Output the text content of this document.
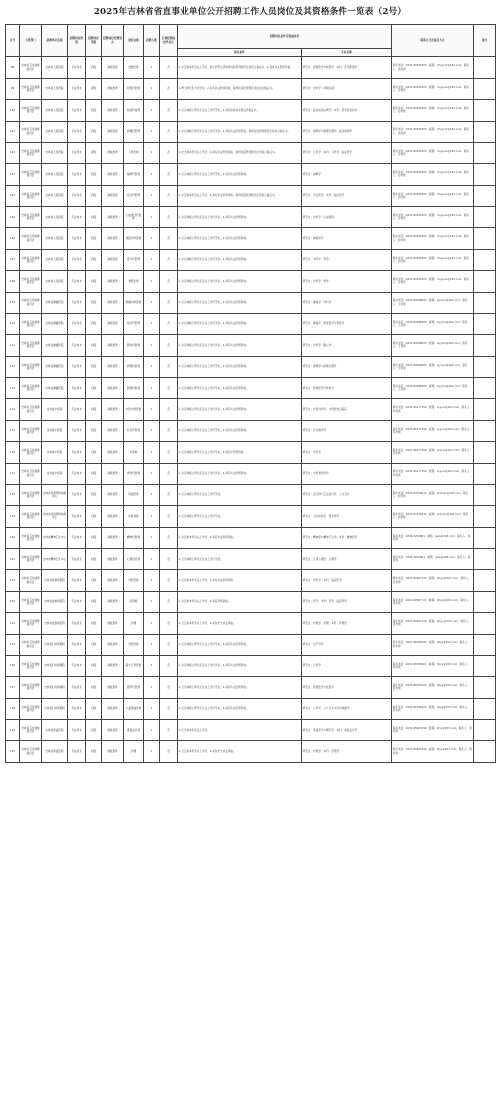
2025年吉林省省直事业单位公开招聘工作人员岗位及其资格条件一览表（2号）
序号	主管部门	招聘单位名称	招聘岗位类别	招聘岗位等级	招聘岗位经费形式	岗位名称	招聘人数	专项招聘高校毕业生	招聘岗位条件及资格条件		联系方式及报名方式	备注
									报名条件	专业名称		
98	吉林省卫生健康委员会	吉林省人民医院	专业技术	初级	财政拨款	放射医师	1	否	1.全日制本科及以上学历，硕士研究生需取得住院医师规范化培训合格证书；2.具有执业医师资格。	研究生：影像医学与核医学；本科：医学影像学	联系电话：0431-85595363；邮箱：rmyyrsc@163.com；联系人：孙老师	
99	吉林省卫生健康委员会	吉林省人民医院	专业技术	初级	财政拨款	呼吸科医师	1	否	1.博士研究生学历学位；2.具有执业医师资格，取得住院医师规范化培训合格证书。	研究生：内科学（呼吸系病）	联系电话：0431-85595363；邮箱：rmyyrsc@163.com；联系人：孙老师	
100	吉林省卫生健康委员会	吉林省人民医院	专业技术	初级	财政拨款	检验科技师	1	否	1.全日制硕士研究生及以上学历学位；2.具有检验技术相关资格证书。	研究生：临床检验诊断学；本科：医学检验技术	联系电话：0431-85595363；邮箱：rmyyrsc@163.com；联系人：孙老师	
101	吉林省卫生健康委员会	吉林省人民医院	专业技术	初级	财政拨款	病理科医师	1	否	1.全日制硕士研究生及以上学历学位；2.具有执业医师资格，取得住院医师规范化培训合格证书。	研究生：病理学与病理生理学、临床病理学	联系电话：0431-85595363；邮箱：rmyyrsc@163.com；联系人：孙老师	
102	吉林省卫生健康委员会	吉林省人民医院	专业技术	初级	财政拨款	儿科医师	1	否	1.全日制本科及以上学历；2.具有执业医师资格，取得住院医师规范化培训合格证书。	研究生：儿科学；本科：儿科学、临床医学	联系电话：0431-85595363；邮箱：rmyyrsc@163.com；联系人：孙老师	
103	吉林省卫生健康委员会	吉林省人民医院	专业技术	初级	财政拨款	麻醉科医师	1	否	1.全日制硕士研究生及以上学历学位；2.具有执业医师资格。	研究生：麻醉学	联系电话：0431-85595363；邮箱：rmyyrsc@163.com；联系人：孙老师	
104	吉林省卫生健康委员会	吉林省人民医院	专业技术	初级	财政拨款	急诊科医师	1	否	1.全日制本科及以上学历；2.具有执业医师资格，取得住院医师规范化培训合格证书。	研究生：急诊医学；本科：临床医学	联系电话：0431-85595363；邮箱：rmyyrsc@163.com；联系人：孙老师	
105	吉林省卫生健康委员会	吉林省人民医院	专业技术	初级	财政拨款	心血管内科医师	1	否	1.全日制硕士研究生及以上学历学位；2.具有执业医师资格。	研究生：内科学（心血管病）	联系电话：0431-85595363；邮箱：rmyyrsc@163.com；联系人：孙老师	
106	吉林省卫生健康委员会	吉林省人民医院	专业技术	初级	财政拨款	神经内科医师	1	否	1.全日制硕士研究生及以上学历学位；2.具有执业医师资格。	研究生：神经病学	联系电话：0431-85595363；邮箱：rmyyrsc@163.com；联系人：孙老师	
107	吉林省卫生健康委员会	吉林省人民医院	专业技术	初级	财政拨款	普外科医师	1	否	1.全日制硕士研究生及以上学历学位；2.具有执业医师资格。	研究生：外科学（普外）	联系电话：0431-85595363；邮箱：rmyyrsc@163.com；联系人：孙老师	
108	吉林省卫生健康委员会	吉林省人民医院	专业技术	初级	财政拨款	骨科医师	1	否	1.全日制硕士研究生及以上学历学位；2.具有执业医师资格。	研究生：外科学（骨外）	联系电话：0431-85595363；邮箱：rmyyrsc@163.com；联系人：孙老师	
109	吉林省卫生健康委员会	吉林省肿瘤医院	专业技术	初级	财政拨款	肿瘤内科医师	1	否	1.全日制硕士研究生及以上学历学位；2.具有执业医师资格。	研究生：肿瘤学、内科学	联系电话：0431-80596083；邮箱：zlyyrsc@163.com；联系人：王老师	
110	吉林省卫生健康委员会	吉林省肿瘤医院	专业技术	初级	财政拨款	放疗科医师	1	否	1.全日制硕士研究生及以上学历学位；2.具有执业医师资格。	研究生：肿瘤学、影像医学与核医学	联系电话：0431-80596083；邮箱：zlyyrsc@163.com；联系人：王老师	
111	吉林省卫生健康委员会	吉林省肿瘤医院	专业技术	初级	财政拨款	胸外科医师	1	否	1.全日制硕士研究生及以上学历学位；2.具有执业医师资格。	研究生：外科学（胸心外）	联系电话：0431-80596083；邮箱：zlyyrsc@163.com；联系人：王老师	
112	吉林省卫生健康委员会	吉林省肿瘤医院	专业技术	初级	财政拨款	病理科医师	1	否	1.全日制硕士研究生及以上学历学位；2.具有执业医师资格。	研究生：病理学与病理生理学	联系电话：0431-80596083；邮箱：zlyyrsc@163.com；联系人：王老师	
113	吉林省卫生健康委员会	吉林省肿瘤医院	专业技术	初级	财政拨款	影像科医师	1	否	1.全日制硕士研究生及以上学历学位；2.具有执业医师资格。	研究生：影像医学与核医学	联系电话：0431-80596083；邮箱：zlyyrsc@163.com；联系人：王老师	
114	吉林省卫生健康委员会	吉林省中医院	专业技术	初级	财政拨款	中医内科医师	1	否	1.全日制硕士研究生及以上学历学位；2.具有执业医师资格。	研究生：中医内科学、中西医结合临床	联系电话：0431-86177356；邮箱：zyyrsc@163.com；联系人：李老师	
115	吉林省卫生健康委员会	吉林省中医院	专业技术	初级	财政拨款	针灸科医师	1	否	1.全日制硕士研究生及以上学历学位；2.具有执业医师资格。	研究生：针灸推拿学	联系电话：0431-86177356；邮箱：zyyrsc@163.com；联系人：李老师	
116	吉林省卫生健康委员会	吉林省中医院	专业技术	初级	财政拨款	中药师	1	否	1.全日制硕士研究生及以上学历学位；2.具有中药师资格。	研究生：中药学	联系电话：0431-86177356；邮箱：zyyrsc@163.com；联系人：李老师	
117	吉林省卫生健康委员会	吉林省中医院	专业技术	初级	财政拨款	骨伤科医师	1	否	1.全日制硕士研究生及以上学历学位；2.具有执业医师资格。	研究生：中医骨伤科学	联系电话：0431-86177356；邮箱：zyyrsc@163.com；联系人：李老师	
118	吉林省卫生健康委员会	吉林省疾病预防控制中心	专业技术	初级	财政拨款	疾控医师	1	否	1.全日制硕士研究生及以上学历学位。	研究生：流行病与卫生统计学、公共卫生	联系电话：0431-87976011；邮箱：jlcdcrsc@163.com；联系人：赵老师	
119	吉林省卫生健康委员会	吉林省疾病预防控制中心	专业技术	初级	财政拨款	检验技师	1	否	1.全日制硕士研究生及以上学历学位。	研究生：卫生检验学、微生物学	联系电话：0431-87976011；邮箱：jlcdcrsc@163.com；联系人：赵老师	
120	吉林省卫生健康委员会	吉林省精神卫生中心	专业技术	初级	财政拨款	精神科医师	1	否	1.全日制本科及以上学历；2.具有执业医师资格。	研究生：精神病与精神卫生学；本科：精神医学	联系电话：0434-3252801；邮箱：jsws@163.com；联系人：刘老师	
121	吉林省卫生健康委员会	吉林省精神卫生中心	专业技术	初级	财政拨款	心理治疗师	1	否	1.全日制硕士研究生及以上学历学位。	研究生：应用心理学、心理学	联系电话：0434-3252801；邮箱：jsws@163.com；联系人：刘老师	
122	吉林省卫生健康委员会	吉林省结核病医院	专业技术	初级	财政拨款	内科医师	1	否	1.全日制本科及以上学历；2.具有执业医师资格。	研究生：内科学；本科：临床医学	联系电话：0431-82907722；邮箱：jhbyy@163.com；联系人：张老师	
123	吉林省卫生健康委员会	吉林省结核病医院	专业技术	初级	财政拨款	药剂师	1	否	1.全日制本科及以上学历；2.具有药师资格。	研究生：药学；本科：药学、临床药学	联系电话：0431-82907722；邮箱：jhbyy@163.com；联系人：张老师	
124	吉林省卫生健康委员会	吉林省结核病医院	专业技术	初级	财政拨款	护理	1	否	1.全日制本科及以上学历；2.具有护士执业资格。	研究生：护理学、护理；本科：护理学	联系电话：0431-82907722；邮箱：jhbyy@163.com；联系人：张老师	
125	吉林省卫生健康委员会	吉林省妇幼保健院	专业技术	初级	财政拨款	妇科医师	1	否	1.全日制硕士研究生及以上学历学位；2.具有执业医师资格。	研究生：妇产科学	联系电话：0431-86789101；邮箱：fybjy@163.com；联系人：陈老师	
126	吉林省卫生健康委员会	吉林省妇幼保健院	专业技术	初级	财政拨款	新生儿科医师	2	否	1.全日制硕士研究生及以上学历学位；2.具有执业医师资格。	研究生：儿科学	联系电话：0431-86789101；邮箱：fybjy@163.com；联系人：陈老师	
127	吉林省卫生健康委员会	吉林省妇幼保健院	专业技术	初级	财政拨款	超声科医师	1	否	1.全日制硕士研究生及以上学历学位；2.具有执业医师资格。	研究生：影像医学与核医学	联系电话：0431-86789101；邮箱：fybjy@163.com；联系人：陈老师	
128	吉林省卫生健康委员会	吉林省妇幼保健院	专业技术	初级	财政拨款	儿童保健医师	1	否	1.全日制硕士研究生及以上学历学位；2.具有执业医师资格。	研究生：儿科学、儿少卫生与妇幼保健学	联系电话：0431-86789101；邮箱：fybjy@163.com；联系人：陈老师	
129	吉林省卫生健康委员会	吉林省康复医院	专业技术	初级	财政拨款	康复治疗师	1	否	1.全日制本科及以上学历。	研究生：康复医学与理疗学；本科：康复治疗学	联系电话：0431-85923344；邮箱：kfyy@163.com；联系人：周老师	
130	吉林省卫生健康委员会	吉林省康复医院	专业技术	初级	财政拨款	护理	1	否	1.全日制本科及以上学历；2.具有护士执业资格。	研究生：护理学；本科：护理学	联系电话：0431-85923344；邮箱：kfyy@163.com；联系人：周老师	
